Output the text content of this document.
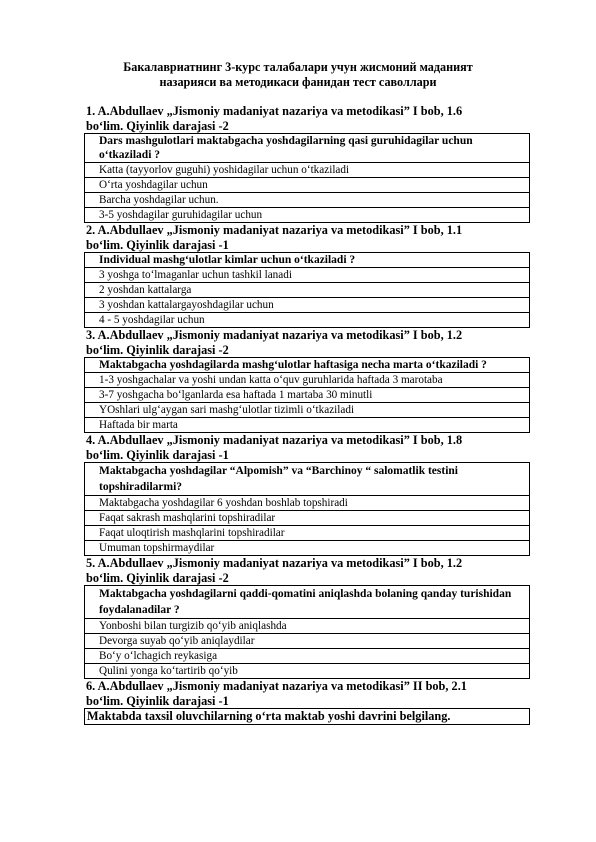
Бакалавриатнинг 3-курс талабалари учун жисмоний маданият
назарияси ва методикаси фанидан тест саволлари
1. A.Abdullaev „Jismoniy madaniyat nazariya va metodikasi” I bob, 1.6
bo‘lim. Qiyinlik darajasi -2
Dars mashgulotlari maktabgacha yoshdagilarning qasi guruhidagilar uchun o‘tkaziladi ?
Katta (tayyorlov guguhi) yoshidagilar uchun o‘tkaziladi
O‘rta yoshdagilar uchun
Barcha yoshdagilar uchun.
3-5 yoshdagilar guruhidagilar uchun
2. A.Abdullaev „Jismoniy madaniyat nazariya va metodikasi” I bob, 1.1
bo‘lim. Qiyinlik darajasi -1
Individual mashg‘ulotlar kimlar uchun o‘tkaziladi ?
3 yoshga to‘lmaganlar uchun tashkil lanadi
2 yoshdan kattalarga
3 yoshdan kattalargayoshdagilar uchun
4 - 5 yoshdagilar uchun
3. A.Abdullaev „Jismoniy madaniyat nazariya va metodikasi” I bob, 1.2
bo‘lim. Qiyinlik darajasi -2
Maktabgacha yoshdagilarda mashg‘ulotlar haftasiga necha marta o‘tkaziladi ?
1-3 yoshgachalar va yoshi undan katta o‘quv guruhlarida haftada 3 marotaba
3-7 yoshgacha bo‘lganlarda esa haftada 1 martaba 30 minutli
YOshlari ulg‘aygan sari mashg‘ulotlar tizimli o‘tkaziladi
Haftada bir marta
4. A.Abdullaev „Jismoniy madaniyat nazariya va metodikasi” I bob, 1.8
bo‘lim. Qiyinlik darajasi -1
Maktabgacha yoshdagilar “Alpomish” va “Barchinoy “ salomatlik testini topshiradilarmi?
Maktabgacha yoshdagilar 6 yoshdan boshlab topshiradi
Faqat sakrash mashqlarini topshiradilar
Faqat uloqtirish mashqlarini topshiradilar
Umuman topshirmaydilar
5. A.Abdullaev „Jismoniy madaniyat nazariya va metodikasi” I bob, 1.2
bo‘lim. Qiyinlik darajasi -2
Maktabgacha yoshdagilarni qaddi-qomatini aniqlashda bolaning qanday turishidan foydalanadilar ?
Yonboshi bilan turgizib qo‘yib aniqlashda
Devorga suyab qo‘yib aniqlaydilar
Bo‘y o‘lchagich reykasiga
Qulini yonga ko‘tartirib qo‘yib
6. A.Abdullaev „Jismoniy madaniyat nazariya va metodikasi” II bob, 2.1
bo‘lim. Qiyinlik darajasi -1
Maktabda taxsil oluvchilarning o‘rta maktab yoshi davrini belgilang.
